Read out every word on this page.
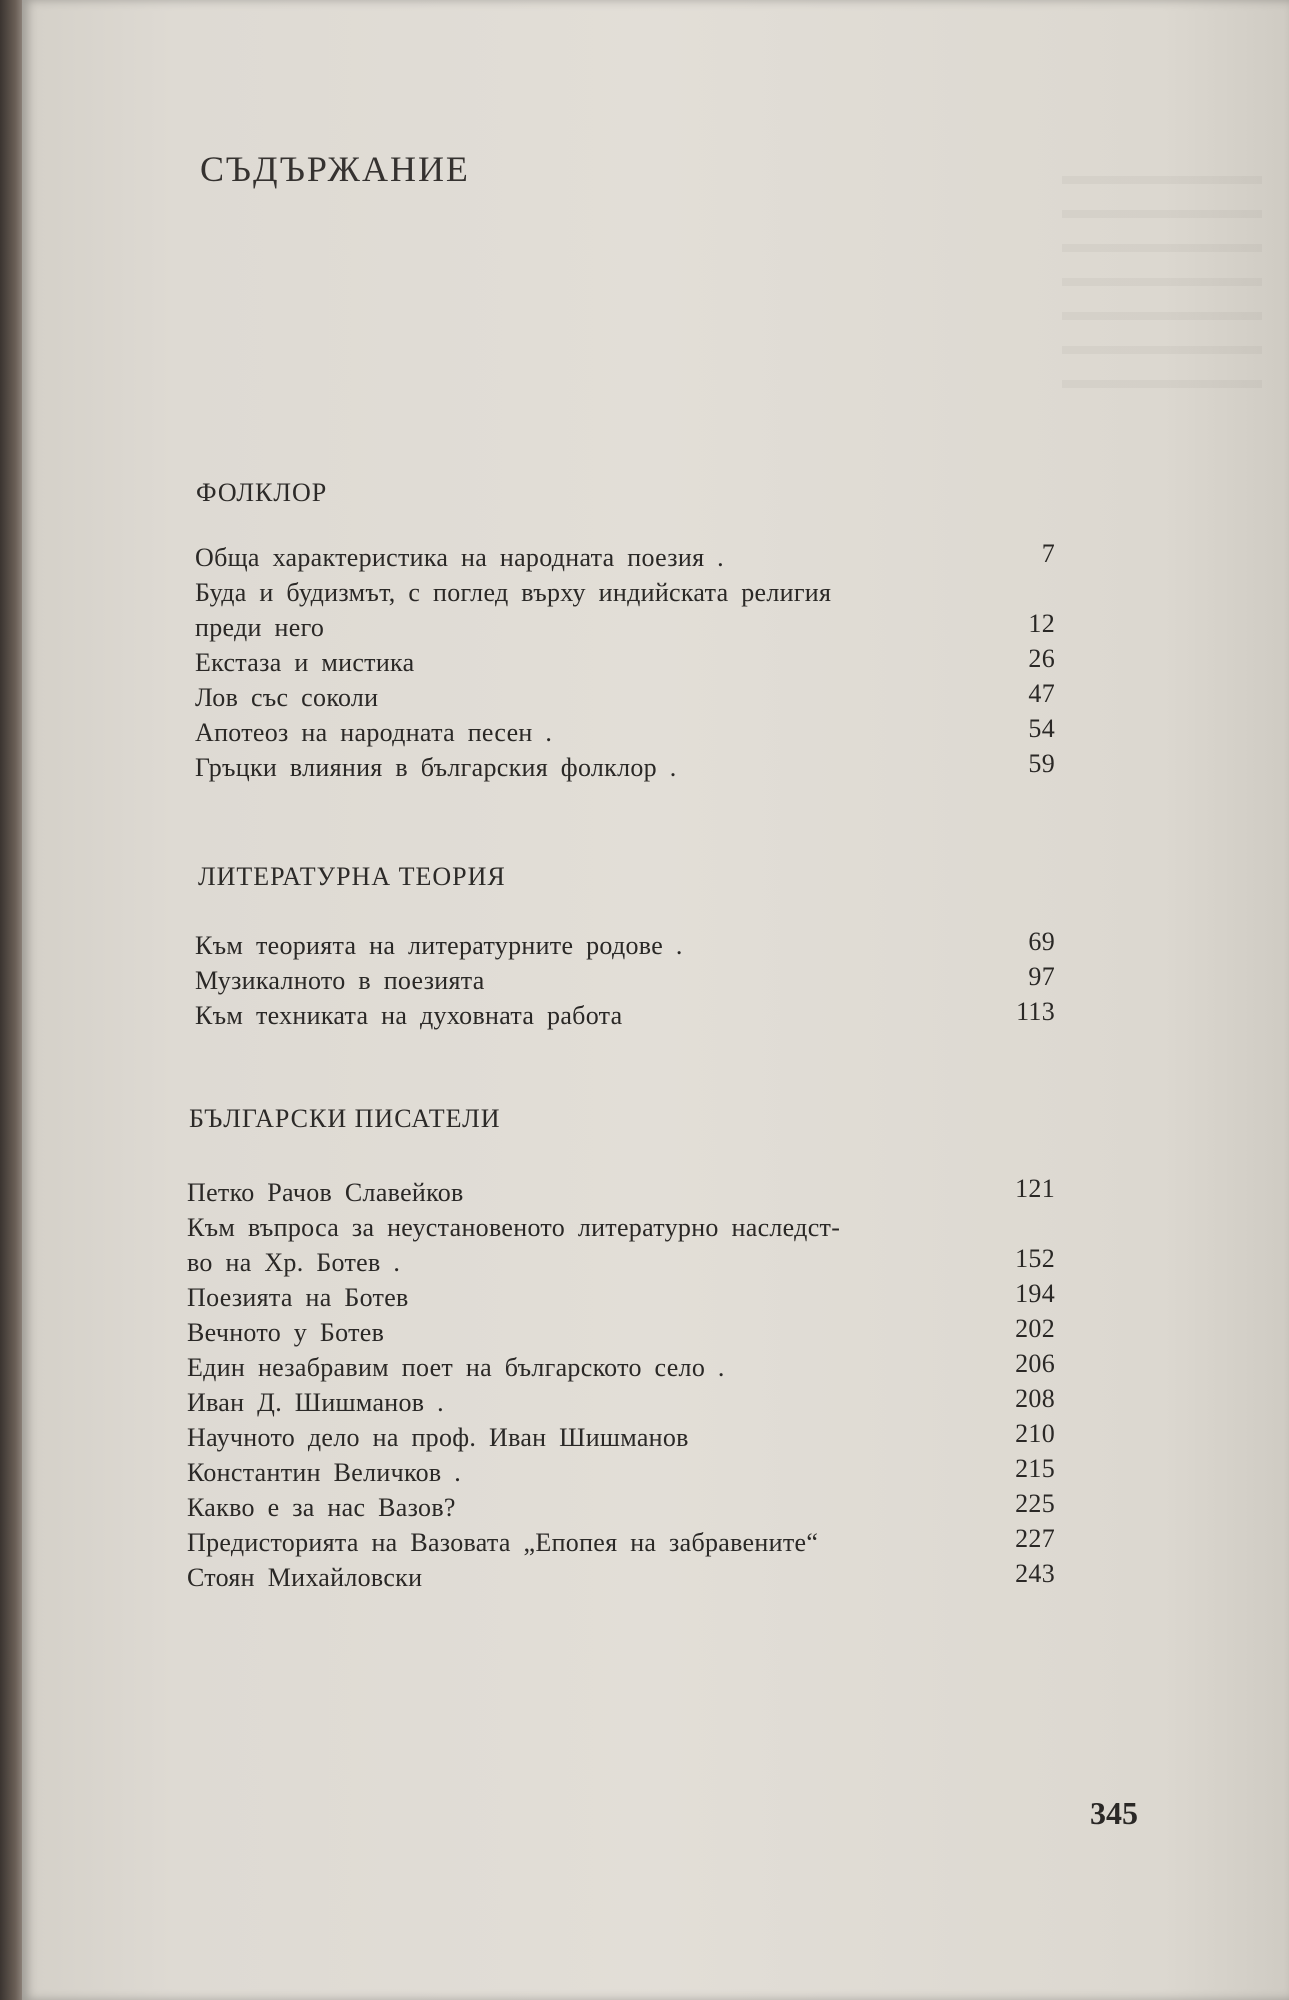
СЪДЪРЖАНИЕ
ФОЛКЛОР
Обща характеристика на народната поезия .	7
Буда и будизмът, с поглед върху индийската религия
преди него	12
Екстаза и мистика	26
Лов със соколи	47
Апотеоз на народната песен .	54
Гръцки влияния в българския фолклор .	59
ЛИТЕРАТУРНА ТЕОРИЯ
Към теорията на литературните родове .	69
Музикалното в поезията	97
Към техниката на духовната работа	113
БЪЛГАРСКИ ПИСАТЕЛИ
Петко Рачов Славейков	121
Към въпроса за неустановеното литературно наследст-
во на Хр. Ботев .	152
Поезията на Ботев	194
Вечното у Ботев	202
Един незабравим поет на българското село .	206
Иван Д. Шишманов .	208
Научното дело на проф. Иван Шишманов	210
Константин Величков .	215
Какво е за нас Вазов?	225
Предисторията на Вазовата „Епопея на забравените“	227
Стоян Михайловски	243
345
